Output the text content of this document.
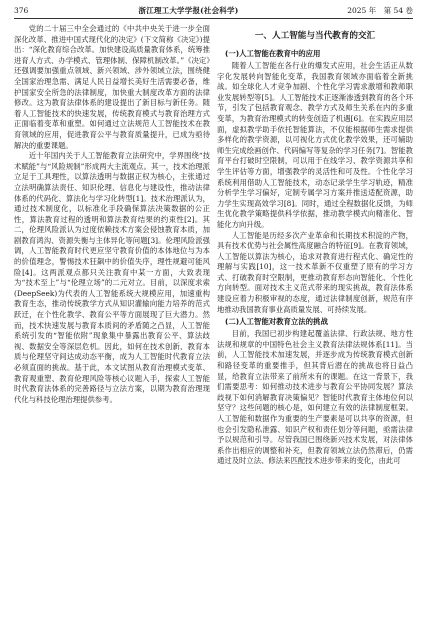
376	浙江理工大学学报(社会科学)	2025 年　第 54 卷

党的二十届三中全会通过的《中共中央关于进一步全面深化改革、推进中国式现代化的决定》(下文简称《决定》)提出：“深化教育综合改革。加快建设高质量教育体系，统筹推进育人方式、办学模式、管理体制、保障机制改革。”《决定》还强调要加强重点领域、新兴领域、涉外领域立法，围绕健全国家治理急需、满足人民日益增长美好生活需要必备，维护国家安全所急的法律制度，加快重大制度改革方面的法律修改。这为教育法律体系的建设提出了新目标与新任务。随着人工智能技术的快速发展，传统教育模式与教育治理方式正面临着变革和重塑。如何通过立法规范人工智能技术在教育领域的应用，促进教育公平与教育质量提升，已成为亟待解决的重要课题。

近十年国内关于人工智能教育立法研究中，学界围绕“技术赋能”与“风险规制”形成两大主流观点。其一，技术治理派立足于工具理性，以算法透明与数据正权为核心，主张通过立法明确算法责任、知识伦理、信息化与建设性，推动法律体系的代码化、算法化与学习化转型[1]。技术治理派认为，通过技术制度化，以标准化手段确保算法决策数据的公正性，算法教育过程的透明和算法教育结果的约束性[2]。其二，伦理风险派认为过度依赖技术方案会侵蚀教育本质，加剧教育鸿沟、资源失衡与主体异化等问题[3]。伦理风险派强调，人工智能教育时代更应坚守教育价值的本体地位与为本的价值理念，警惕技术狂飙中的价值失序，理性规避可能风险[4]。这两派观点都只关注教育中某一方面，大致表现为“技术至上”与“伦理立场”的二元对立。目前，以深度求索(DeepSeek)为代表的人工智能系统大规模应用，加速重构教育生态，推动传统教学方式从知识灌输向能力培养的范式跃迁，在个性化教学、教育公平等方面展现了巨大潜力。然而，技术快速发展与教育本质间的矛盾随之凸显，人工智能系统引发的“智能依附”现象集中暴露出教育公平、算法歧视、数据安全等深层危机。因此，如何在技术创新、教育本质与伦理坚守间达成动态平衡，成为人工智能时代教育立法必须直面的挑战。基于此，本文试图从教育治理模式变革、教育观重塑、教育伦理风险等核心议题入手，探索人工智能时代教育法体系的完善路径与立法方案，以期为教育治理现代化与科技伦理治理提供参考。

一、人工智能与当代教育的交汇
(一)人工智能在教育中的应用

随着人工智能在各行业的爆发式应用，社会生活正从数字化发展转向智能化变革，我国教育领域亦面临着全新挑战。如全球化人才竞争加剧、个性化学习需求激增和教师职业发展转型等[5]。人工智能技术正逐渐渗透到教育的各个环节，引发了包括教育观念、教学方式及师生关系在内的多重变革，为教育治理模式的转变创造了机遇[6]。在实践应用层面，虚拟教学助手依托智能算法，不仅能根据师生需求提供多样化的教学资源，以可视化方式优化教学效果，还可辅助师生完成绘画创作、代码编写等复杂的学习任务[7]。智能教育平台打破时空限制，可以用于在线学习、教学资源共享和学生评估等方面，增强教学的灵活性和可及性。个性化学习系统利用借助人工智能技术，动态记录学生学习轨迹，精准分析学生学习偏好，定制专属学习方案并推送适配资源，助力学生实现高效学习[8]。同时，通过全程数据化反馈，为师生优化教学策略提供科学依据，推动教学模式向精准化、智能化方向升级。

人工智能是历经多次产业革命和长期技术积淀的产物，具有技术优势与社会属性高度融合的特征[9]。在教育领域，人工智能以算法为核心，追求对教育进行程式化、确定性的理解与实践[10]，这一技术革新不仅重塑了原有的学习方式、打破教育时空限制，更推动教育形态向智能化、个性化方向转型。面对技术主义范式带来的现实挑战，教育法体系建设应着力积极审视的态度，通过法律制度创新，规范有序地推动我国教育事业高质量发展、可持续发展。

(二)人工智能对教育立法的挑战

目前，我国已初步构建起覆盖法律、行政法规、地方性法规和规章的中国特色社会主义教育法律法规体系[11]。当前，人工智能技术加速发展，并逐步成为传统教育模式创新和路径变革的重要推手，但其背后潜在的挑战也将日益凸显，给教育立法带来了前所未有的课题。在这一背景下，我们需要思考：如何推动技术进步与教育公平协同发展？算法歧视下如何消解教育决策偏见？智能时代教育主体地位何以坚守？这些问题的核心是，如何建立有效的法律制度框架。人工智能和数据作为重要的生产要素是可以共享的资源，但也会引发隐私泄露、知识产权和责任划分等问题，亟需法律予以规范和引导。尽管我国已围绕新兴技术发展，对法律体系作出相应的调整和补充，但教育领域立法仍然滞后，仍需通过及时立法、修法来匹配技术进步带来的变化，由此可
